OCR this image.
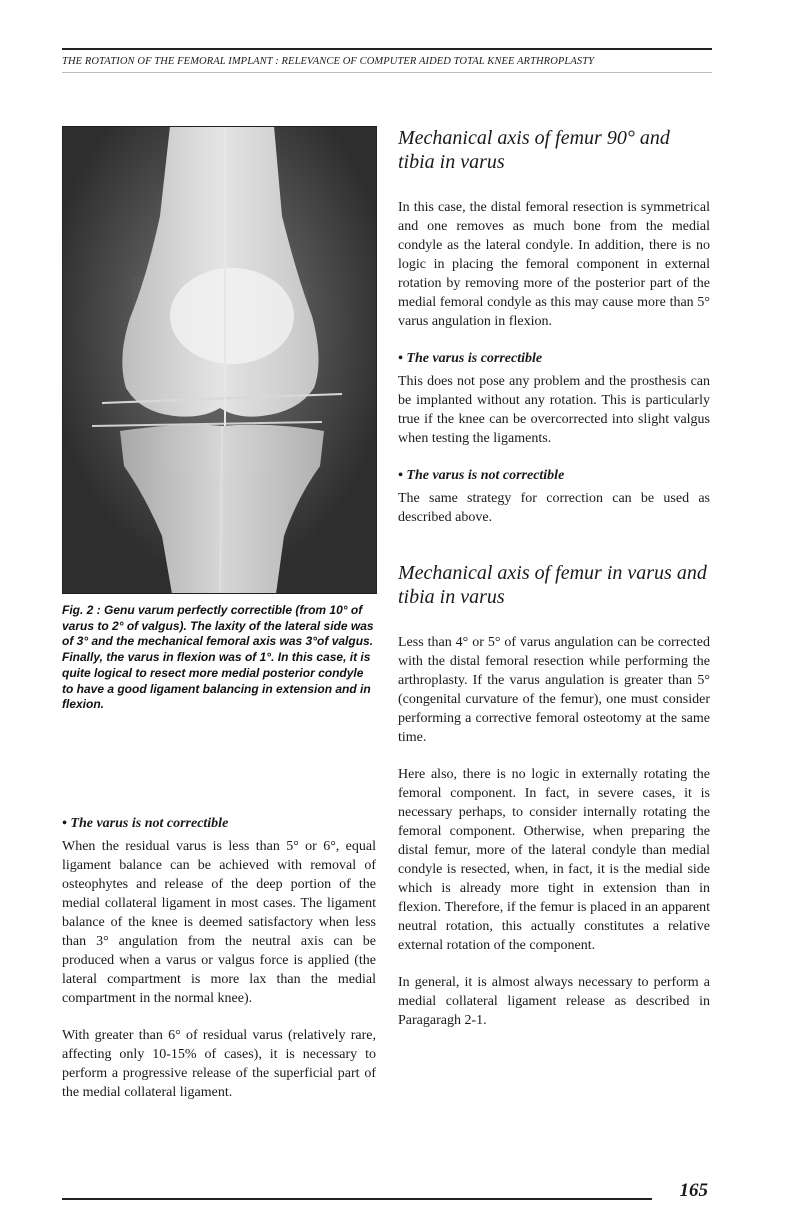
THE ROTATION OF THE FEMORAL IMPLANT : RELEVANCE OF COMPUTER AIDED TOTAL KNEE ARTHROPLASTY
Fig. 2 : Genu varum perfectly correctible (from 10° of varus to 2° of valgus). The laxity of the lateral side was of 3° and the mechanical femoral axis was 3°of valgus. Finally, the varus in flexion was of 1°. In this case, it is quite logical to resect more medial posterior condyle to have a good ligament balancing in extension and in flexion.
• The varus is not correctible

When the residual varus is less than 5° or 6°, equal ligament balance can be achieved with removal of osteophytes and release of the deep portion of the medial collateral ligament in most cases. The ligament balance of the knee is deemed satisfactory when less than 3° angulation from the neutral axis can be produced when a varus or valgus force is applied (the lateral compartment is more lax than the medial compartment in the normal knee).

With greater than 6° of residual varus (relatively rare, affecting only 10-15% of cases), it is necessary to perform a progressive release of the superficial part of the medial collateral ligament.

Mechanical axis of femur 90° and tibia in varus

In this case, the distal femoral resection is symmetrical and one removes as much bone from the medial condyle as the lateral condyle. In addition, there is no logic in placing the femoral component in external rotation by removing more of the posterior part of the medial femoral condyle as this may cause more than 5° varus angulation in flexion.

• The varus is correctible

This does not pose any problem and the prosthesis can be implanted without any rotation. This is particularly true if the knee can be overcorrected into slight valgus when testing the ligaments.

• The varus is not correctible

The same strategy for correction can be used as described above.

Mechanical axis of femur in varus and tibia in varus

Less than 4° or 5° of varus angulation can be corrected with the distal femoral resection while performing the arthroplasty. If the varus angulation is greater than 5° (congenital curvature of the femur), one must consider performing a corrective femoral osteotomy at the same time.

Here also, there is no logic in externally rotating the femoral component. In fact, in severe cases, it is necessary perhaps, to consider internally rotating the femoral component. Otherwise, when preparing the distal femur, more of the lateral condyle than medial condyle is resected, when, in fact, it is the medial side which is already more tight in extension than in flexion. Therefore, if the femur is placed in an apparent neutral rotation, this actually constitutes a relative external rotation of the component.

In general, it is almost always necessary to perform a medial collateral ligament release as described in Paragaragh 2-1.

165
